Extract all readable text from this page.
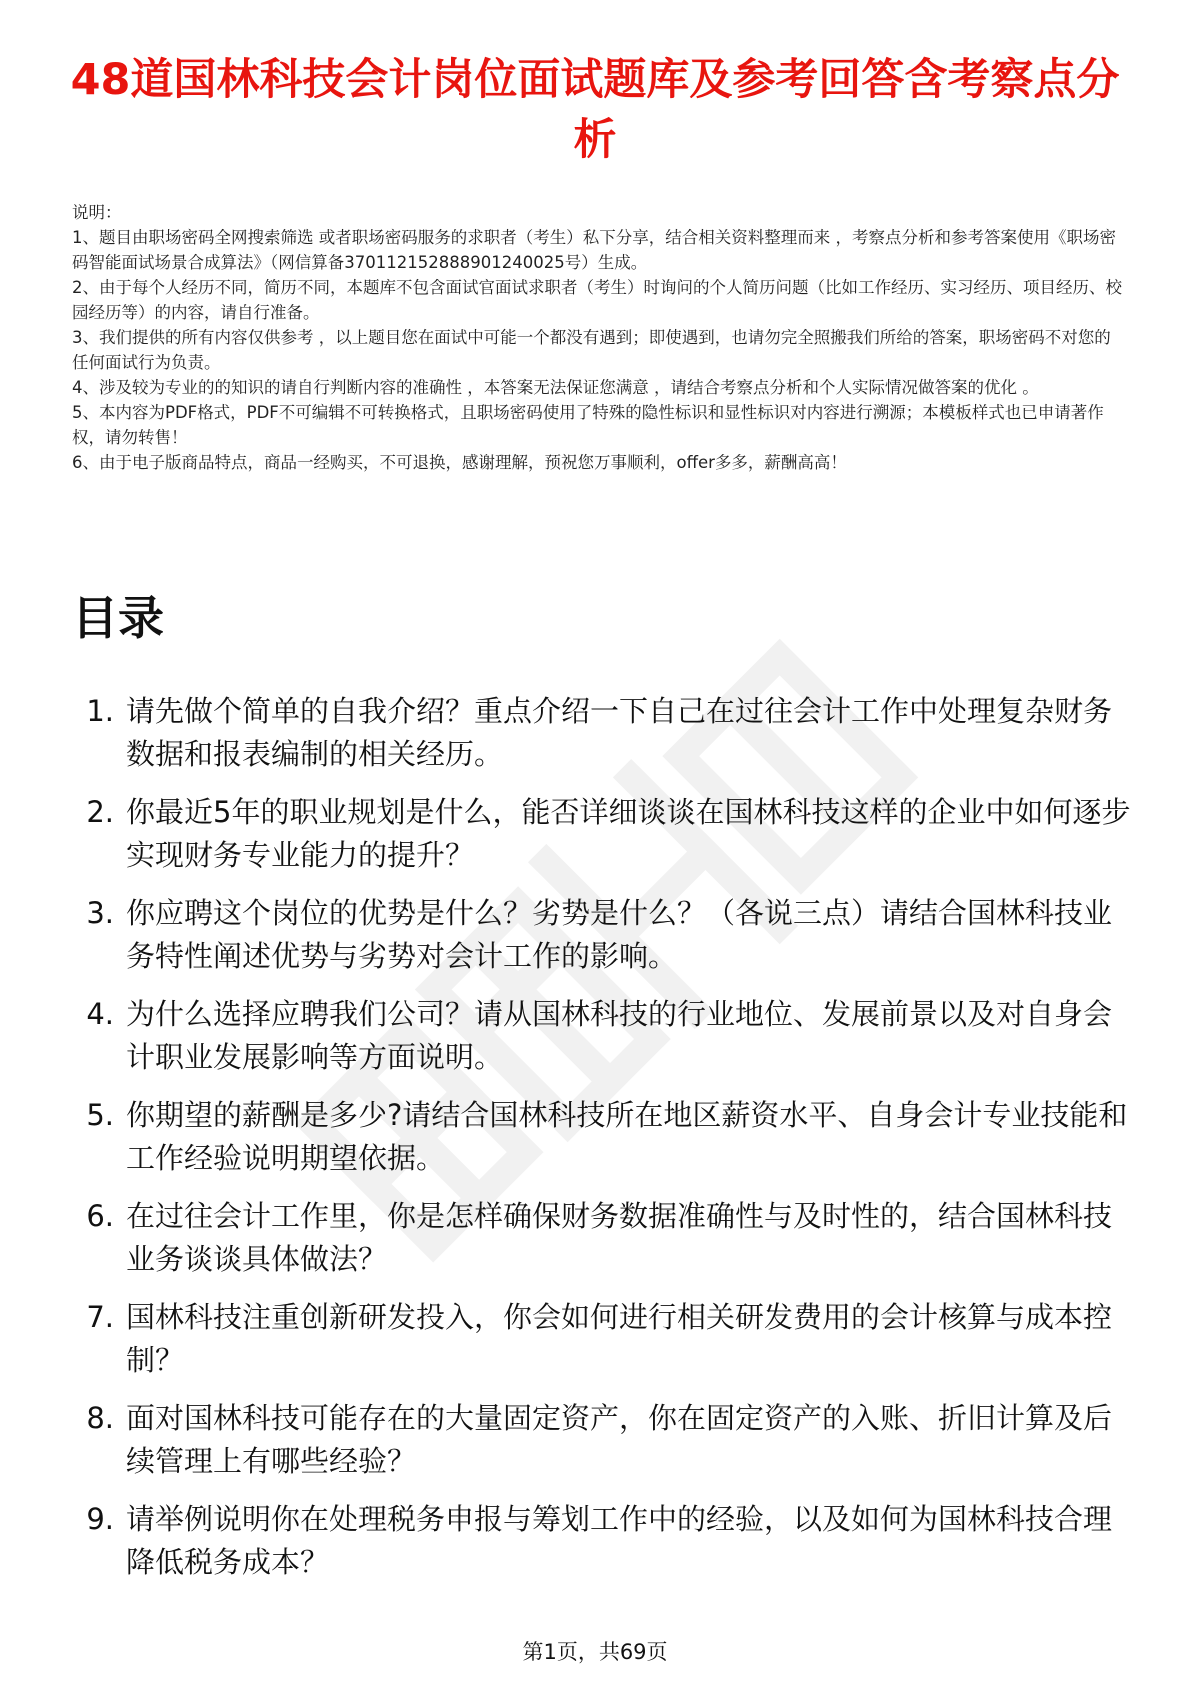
48道国林科技会计岗位面试题库及参考回答含考察点分析

说明：

1、题目由职场密码全网搜索筛选 或者职场密码服务的求职者（考生）私下分享，结合相关资料整理而来 ，考察点分析和参考答案使用《职场密码智能面试场景合成算法》（网信算备370112152888901240025号）生成。

2、由于每个人经历不同，简历不同，本题库不包含面试官面试求职者（考生）时询问的个人简历问题（比如工作经历、实习经历、项目经历、校园经历等）的内容，请自行准备。

3、我们提供的所有内容仅供参考 ，以上题目您在面试中可能一个都没有遇到；即使遇到，也请勿完全照搬我们所给的答案，职场密码不对您的任何面试行为负责。

4、涉及较为专业的的知识的请自行判断内容的准确性 ，本答案无法保证您满意 ，请结合考察点分析和个人实际情况做答案的优化 。

5、本内容为PDF格式，PDF不可编辑不可转换格式，且职场密码使用了特殊的隐性标识和显性标识对内容进行溯源；本模板样式也已申请著作权，请勿转售！

6、由于电子版商品特点，商品一经购买，不可退换，感谢理解，预祝您万事顺利，offer多多，薪酬高高！

目录
1. 请先做个简单的自我介绍？重点介绍一下自己在过往会计工作中处理复杂财务数据和报表编制的相关经历。
2. 你最近5年的职业规划是什么，能否详细谈谈在国林科技这样的企业中如何逐步实现财务专业能力的提升？
3. 你应聘这个岗位的优势是什么？劣势是什么？（各说三点）请结合国林科技业务特性阐述优势与劣势对会计工作的影响。
4. 为什么选择应聘我们公司？请从国林科技的行业地位、发展前景以及对自身会计职业发展影响等方面说明。
5. 你期望的薪酬是多少?请结合国林科技所在地区薪资水平、自身会计专业技能和工作经验说明期望依据。
6. 在过往会计工作里，你是怎样确保财务数据准确性与及时性的，结合国林科技业务谈谈具体做法？
7. 国林科技注重创新研发投入，你会如何进行相关研发费用的会计核算与成本控制？
8. 面对国林科技可能存在的大量固定资产，你在固定资产的入账、折旧计算及后续管理上有哪些经验？
9. 请举例说明你在处理税务申报与筹划工作中的经验，以及如何为国林科技合理降低税务成本？
第1页，共69页
